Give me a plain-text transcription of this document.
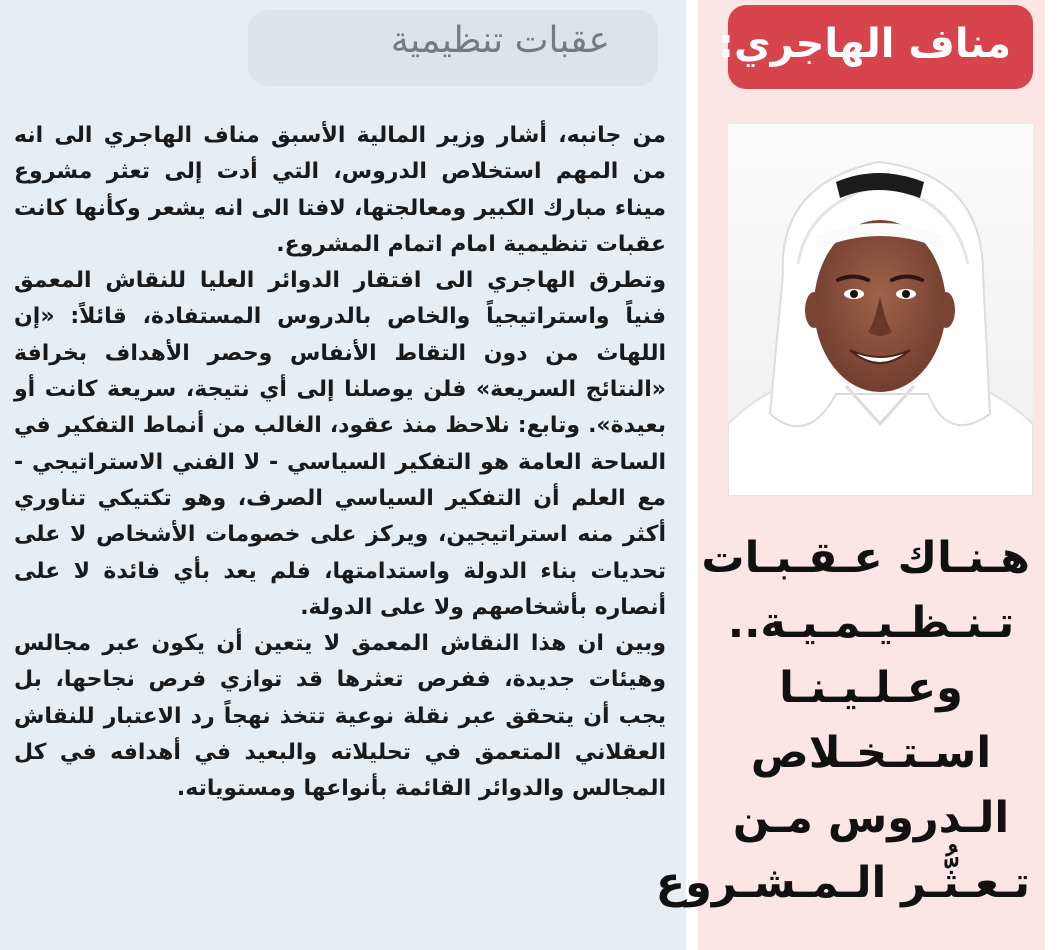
عقبات تنظيمية

من جانبه، أشار وزير المالية الأسبق مناف الهاجري الى انه من المهم استخلاص الدروس، التي أدت إلى تعثر مشروع ميناء مبارك الكبير ومعالجتها، لافتا الى انه يشعر وكأنها كانت عقبات تنظيمية امام اتمام المشروع.

وتطرق الهاجري الى افتقار الدوائر العليا للنقاش المعمق فنياً واستراتيجياً والخاص بالدروس المستفادة، قائلاً: «إن اللهاث من دون التقاط الأنفاس وحصر الأهداف بخرافة «النتائج السريعة» فلن يوصلنا إلى أي نتيجة، سريعة كانت أو بعيدة». وتابع: نلاحظ منذ عقود، الغالب من أنماط التفكير في الساحة العامة هو التفكير السياسي - لا الفني الاستراتيجي - مع العلم أن التفكير السياسي الصرف، وهو تكتيكي تناوري أكثر منه استراتيجين، ويركز على خصومات الأشخاص لا على تحديات بناء الدولة واستدامتها، فلم يعد بأي فائدة لا على أنصاره بأشخاصهم ولا على الدولة.

وبين ان هذا النقاش المعمق لا يتعين أن يكون عبر مجالس وهيئات جديدة، ففرص تعثرها قد توازي فرص نجاحها، بل يجب أن يتحقق عبر نقلة نوعية تتخذ نهجاً رد الاعتبار للنقاش العقلاني المتعمق في تحليلاته والبعيد في أهدافه في كل المجالس والدوائر القائمة بأنواعها ومستوياته.

مناف الهاجري:
هـنـاك عـقـبـات
تـنـظـيـمـيـة..
وعـلـيـنـا
اسـتـخـلاص
الـدروس مـن
تـعـثُّـر الـمـشـروع
